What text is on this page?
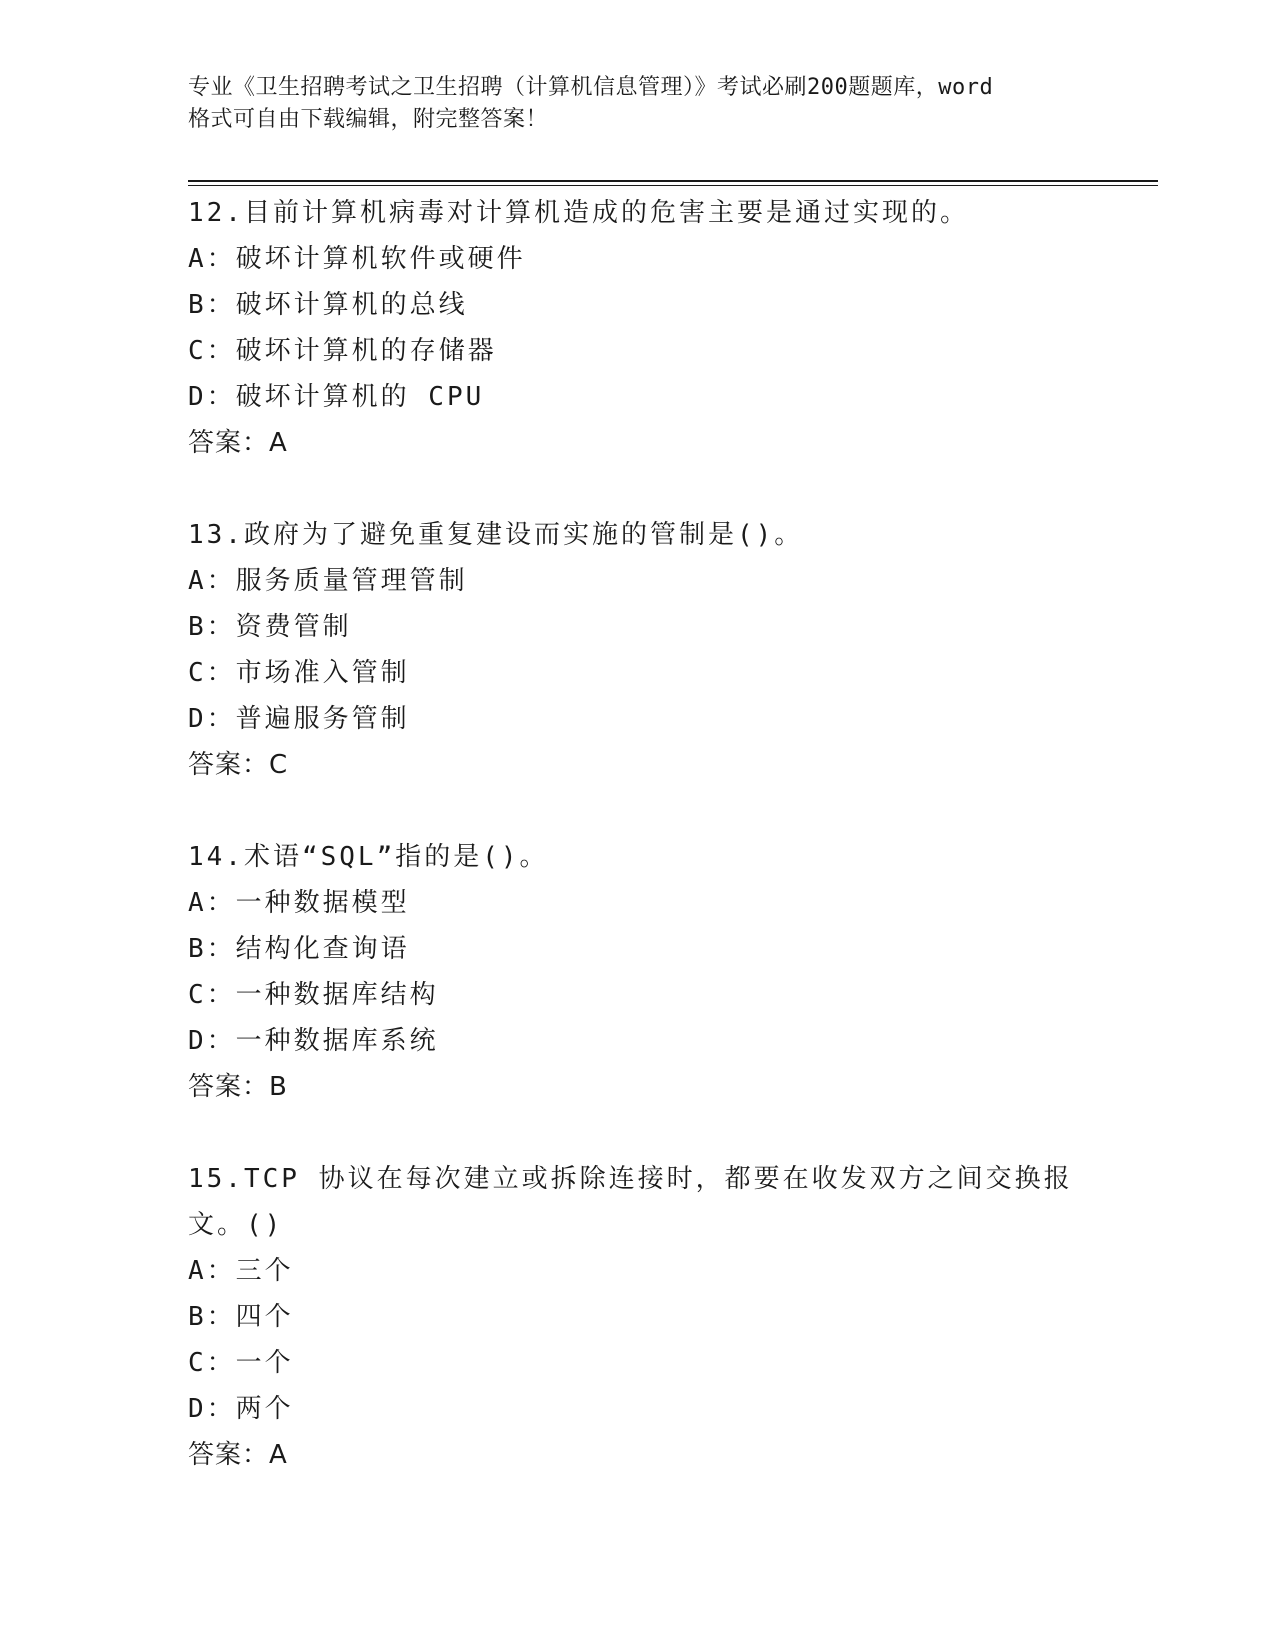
专业《卫生招聘考试之卫生招聘（计算机信息管理）》考试必刷200题题库，word
格式可自由下载编辑，附完整答案！

12.目前计算机病毒对计算机造成的危害主要是通过实现的。

A：破坏计算机软件或硬件

B：破坏计算机的总线

C：破坏计算机的存储器

D：破坏计算机的 CPU

答案：A

13.政府为了避免重复建设而实施的管制是()。

A：服务质量管理管制

B：资费管制

C：市场准入管制

D：普遍服务管制

答案：C

14.术语“SQL”指的是()。

A：一种数据模型

B：结构化查询语

C：一种数据库结构

D：一种数据库系统

答案：B

15.TCP 协议在每次建立或拆除连接时，都要在收发双方之间交换报文。()

A：三个

B：四个

C：一个

D：两个

答案：A
